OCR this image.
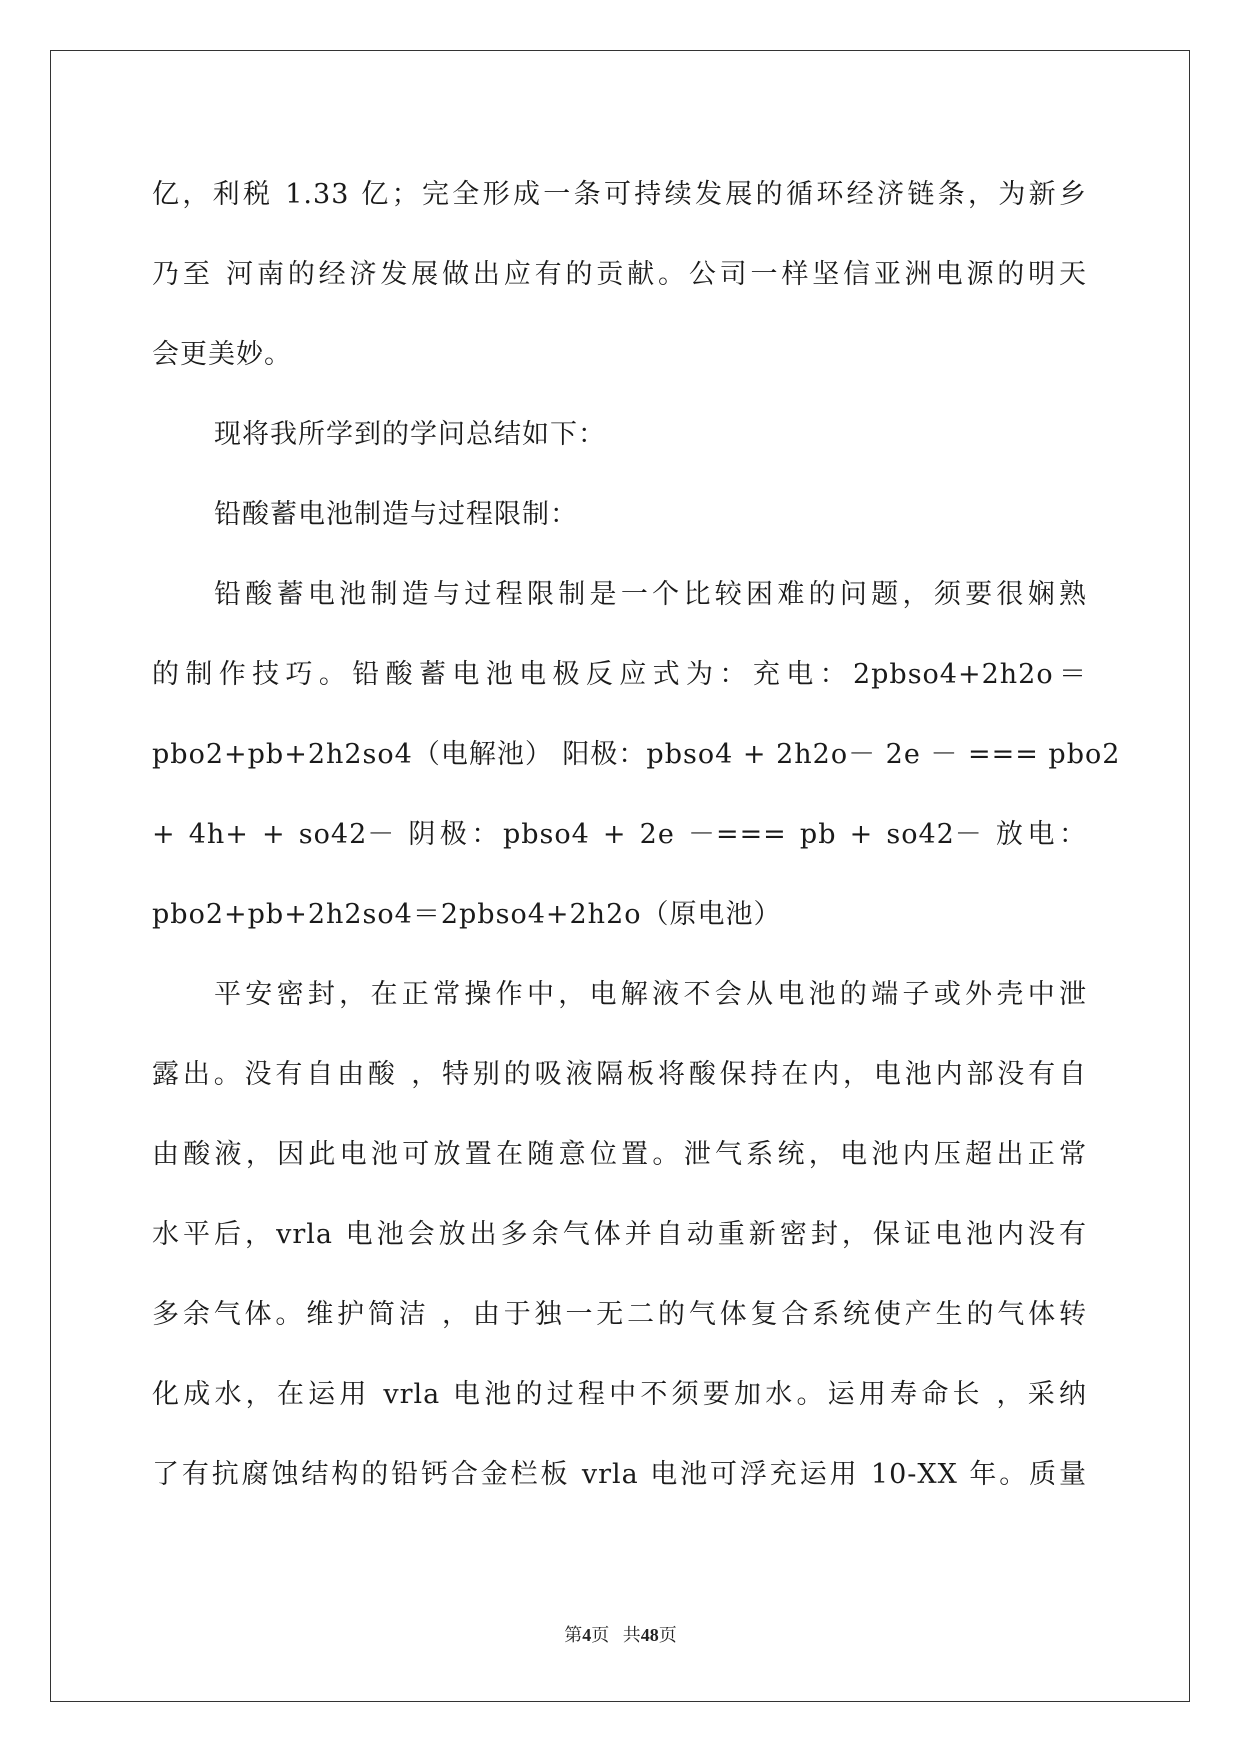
亿，利税 1.33 亿；完全形成一条可持续发展的循环经济链条，为新乡
乃至 河南的经济发展做出应有的贡献。公司一样坚信亚洲电源的明天
会更美妙。
现将我所学到的学问总结如下：
铅酸蓄电池制造与过程限制：
铅酸蓄电池制造与过程限制是一个比较困难的问题，须要很娴熟
的制作技巧。铅酸蓄电池电极反应式为：充电：2pbso4+2h2o＝
pbo2+pb+2h2so4（电解池） 阳极：pbso4 + 2h2o－ 2e － === pbo2
+ 4h+ + so42－ 阴极：pbso4 + 2e －=== pb + so42－ 放电：
pbo2+pb+2h2so4＝2pbso4+2h2o（原电池）
平安密封，在正常操作中，电解液不会从电池的端子或外壳中泄
露出。没有自由酸 ，特别的吸液隔板将酸保持在内，电池内部没有自
由酸液，因此电池可放置在随意位置。泄气系统，电池内压超出正常
水平后，vrla 电池会放出多余气体并自动重新密封，保证电池内没有
多余气体。维护简洁 ，由于独一无二的气体复合系统使产生的气体转
化成水，在运用 vrla 电池的过程中不须要加水。运用寿命长 ，采纳
了有抗腐蚀结构的铅钙合金栏板 vrla 电池可浮充运用 10-XX 年。质量
第4页 共48页
